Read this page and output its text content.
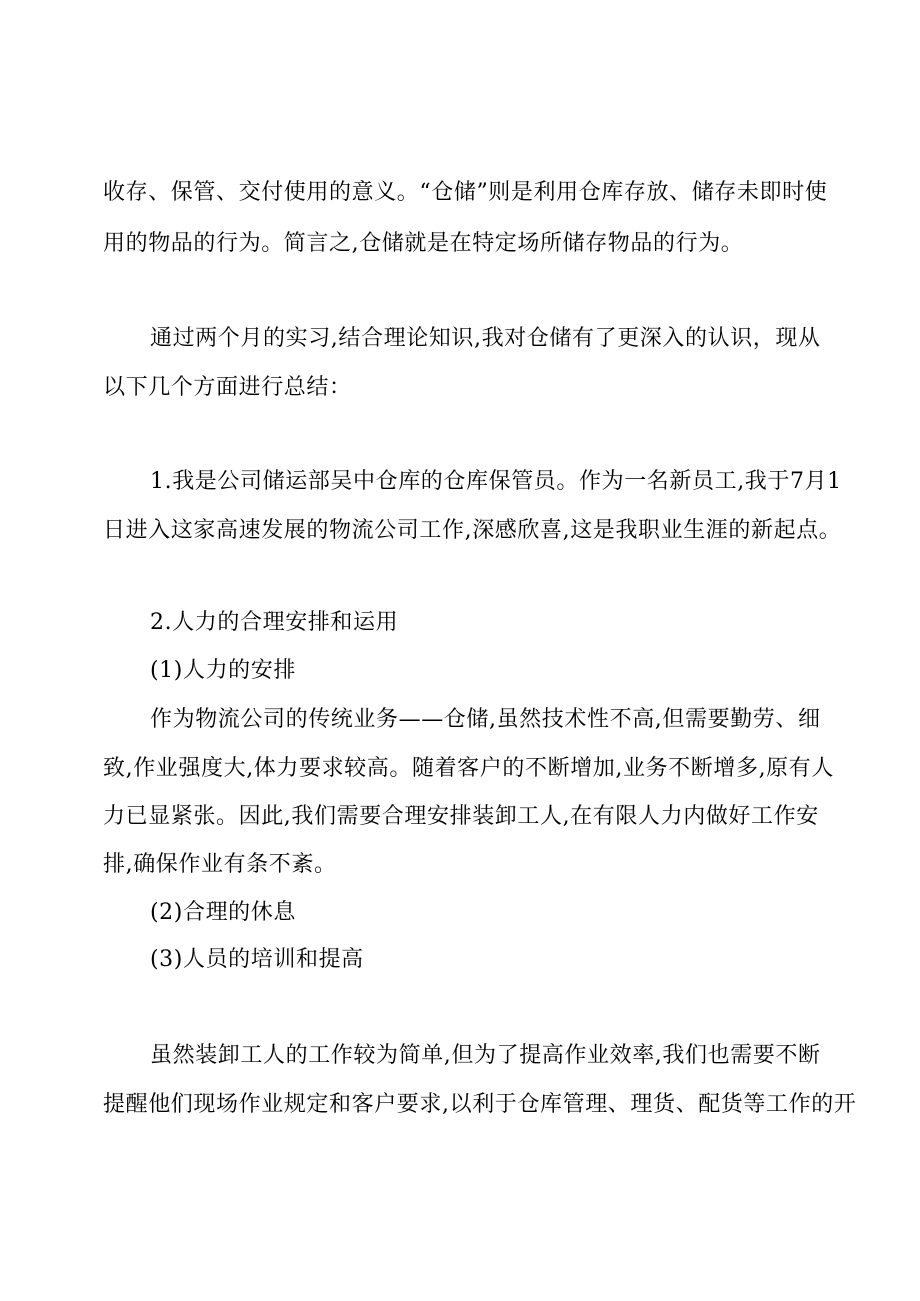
收存、保管、交付使用的意义。“仓储”则是利用仓库存放、储存未即时使
用的物品的行为。简言之,仓储就是在特定场所储存物品的行为。
通过两个月的实习,结合理论知识,我对仓储有了更深入的认识，现从
以下几个方面进行总结：
1.我是公司储运部吴中仓库的仓库保管员。作为一名新员工,我于7月1
日进入这家高速发展的物流公司工作,深感欣喜,这是我职业生涯的新起点。
2.人力的合理安排和运用
(1)人力的安排
作为物流公司的传统业务——仓储,虽然技术性不高,但需要勤劳、细
致,作业强度大,体力要求较高。随着客户的不断增加,业务不断增多,原有人
力已显紧张。因此,我们需要合理安排装卸工人,在有限人力内做好工作安
排,确保作业有条不紊。
(2)合理的休息
(3)人员的培训和提高
虽然装卸工人的工作较为简单,但为了提高作业效率,我们也需要不断
提醒他们现场作业规定和客户要求,以利于仓库管理、理货、配货等工作的开
